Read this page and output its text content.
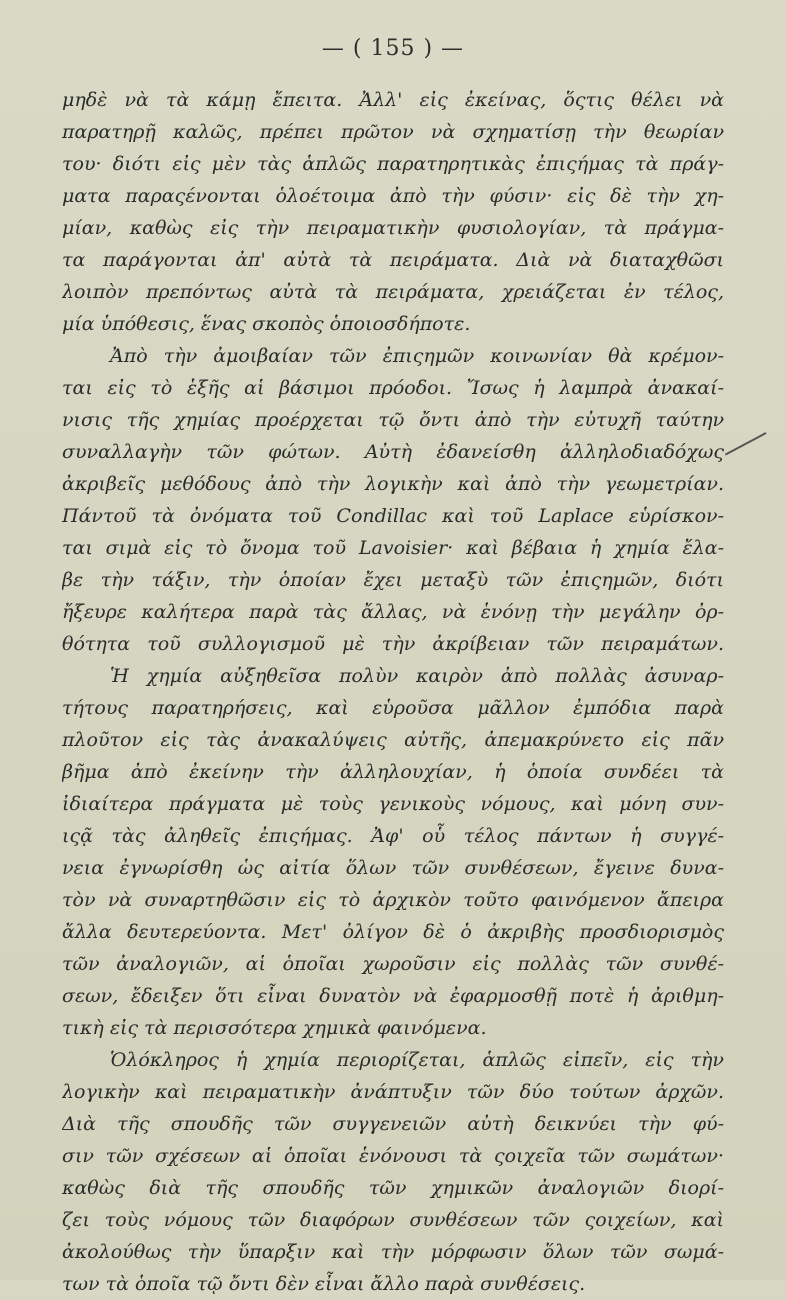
— ( 155 ) —
μηδὲ νὰ τὰ κάμῃ ἔπειτα. Ἀλλ' εἰς ἐκείνας, ὅςτις θέλει νὰ
παρατηρῇ καλῶς, πρέπει πρῶτον νὰ σχηματίσῃ τὴν θεωρίαν
του· διότι εἰς μὲν τὰς ἁπλῶς παρατηρητικὰς ἐπιςήμας τὰ πράγ-
ματα παραςένονται ὁλοέτοιμα ἀπὸ τὴν φύσιν· εἰς δὲ τὴν χη-
μίαν, καθὼς εἰς τὴν πειραματικὴν φυσιολογίαν, τὰ πράγμα-
τα παράγονται ἀπ' αὐτὰ τὰ πειράματα. Διὰ νὰ διαταχθῶσι
λοιπὸν πρεπόντως αὐτὰ τὰ πειράματα, χρειάζεται ἐν τέλος,
μία ὑπόθεσις, ἕνας σκοπὸς ὁποιοσδήποτε.
Ἀπὸ τὴν ἀμοιβαίαν τῶν ἐπιςημῶν κοινωνίαν θὰ κρέμον-
ται εἰς τὸ ἑξῆς αἱ βάσιμοι πρόοδοι. Ἴσως ἡ λαμπρὰ ἀνακαί-
νισις τῆς χημίας προέρχεται τῷ ὄντι ἀπὸ τὴν εὐτυχῆ ταύτην
συναλλαγὴν τῶν φώτων. Αὐτὴ ἐδανείσθη ἀλληλοδιαδόχως
ἀκριβεῖς μεθόδους ἀπὸ τὴν λογικὴν καὶ ἀπὸ τὴν γεωμετρίαν.
Πάντοῦ τὰ ὀνόματα τοῦ Condillac καὶ τοῦ Laplace εὑρίσκον-
ται σιμὰ εἰς τὸ ὄνομα τοῦ Lavoisier· καὶ βέβαια ἡ χημία ἔλα-
βε τὴν τάξιν, τὴν ὁποίαν ἔχει μεταξὺ τῶν ἐπιςημῶν, διότι
ἤξευρε καλήτερα παρὰ τὰς ἄλλας, νὰ ἑνόνῃ τὴν μεγάλην ὀρ-
θότητα τοῦ συλλογισμοῦ μὲ τὴν ἀκρίβειαν τῶν πειραμάτων.
Ἡ χημία αὐξηθεῖσα πολὺν καιρὸν ἀπὸ πολλὰς ἀσυναρ-
τήτους παρατηρήσεις, καὶ εὑροῦσα μᾶλλον ἐμπόδια παρὰ
πλοῦτον εἰς τὰς ἀνακαλύψεις αὐτῆς, ἀπεμακρύνετο εἰς πᾶν
βῆμα ἀπὸ ἐκείνην τὴν ἀλληλουχίαν, ἡ ὁποία συνδέει τὰ
ἰδιαίτερα πράγματα μὲ τοὺς γενικοὺς νόμους, καὶ μόνη συν-
ιςᾷ τὰς ἀληθεῖς ἐπιςήμας. Ἀφ' οὗ τέλος πάντων ἡ συγγέ-
νεια ἐγνωρίσθη ὡς αἰτία ὅλων τῶν συνθέσεων, ἔγεινε δυνα-
τὸν νὰ συναρτηθῶσιν εἰς τὸ ἀρχικὸν τοῦτο φαινόμενον ἄπειρα
ἄλλα δευτερεύοντα. Μετ' ὀλίγον δὲ ὁ ἀκριβὴς προσδιορισμὸς
τῶν ἀναλογιῶν, αἱ ὁποῖαι χωροῦσιν εἰς πολλὰς τῶν συνθέ-
σεων, ἔδειξεν ὅτι εἶναι δυνατὸν νὰ ἐφαρμοσθῇ ποτὲ ἡ ἀριθμη-
τικὴ εἰς τὰ περισσότερα χημικὰ φαινόμενα.
Ὁλόκληρος ἡ χημία περιορίζεται, ἁπλῶς εἰπεῖν, εἰς τὴν
λογικὴν καὶ πειραματικὴν ἀνάπτυξιν τῶν δύο τούτων ἀρχῶν.
Διὰ τῆς σπουδῆς τῶν συγγενειῶν αὐτὴ δεικνύει τὴν φύ-
σιν τῶν σχέσεων αἱ ὁποῖαι ἑνόνουσι τὰ ςοιχεῖα τῶν σωμάτων·
καθὼς διὰ τῆς σπουδῆς τῶν χημικῶν ἀναλογιῶν διορί-
ζει τοὺς νόμους τῶν διαφόρων συνθέσεων τῶν ςοιχείων, καὶ
ἀκολούθως τὴν ὕπαρξιν καὶ τὴν μόρφωσιν ὅλων τῶν σωμά-
των τὰ ὁποῖα τῷ ὄντι δὲν εἶναι ἄλλο παρὰ συνθέσεις.
